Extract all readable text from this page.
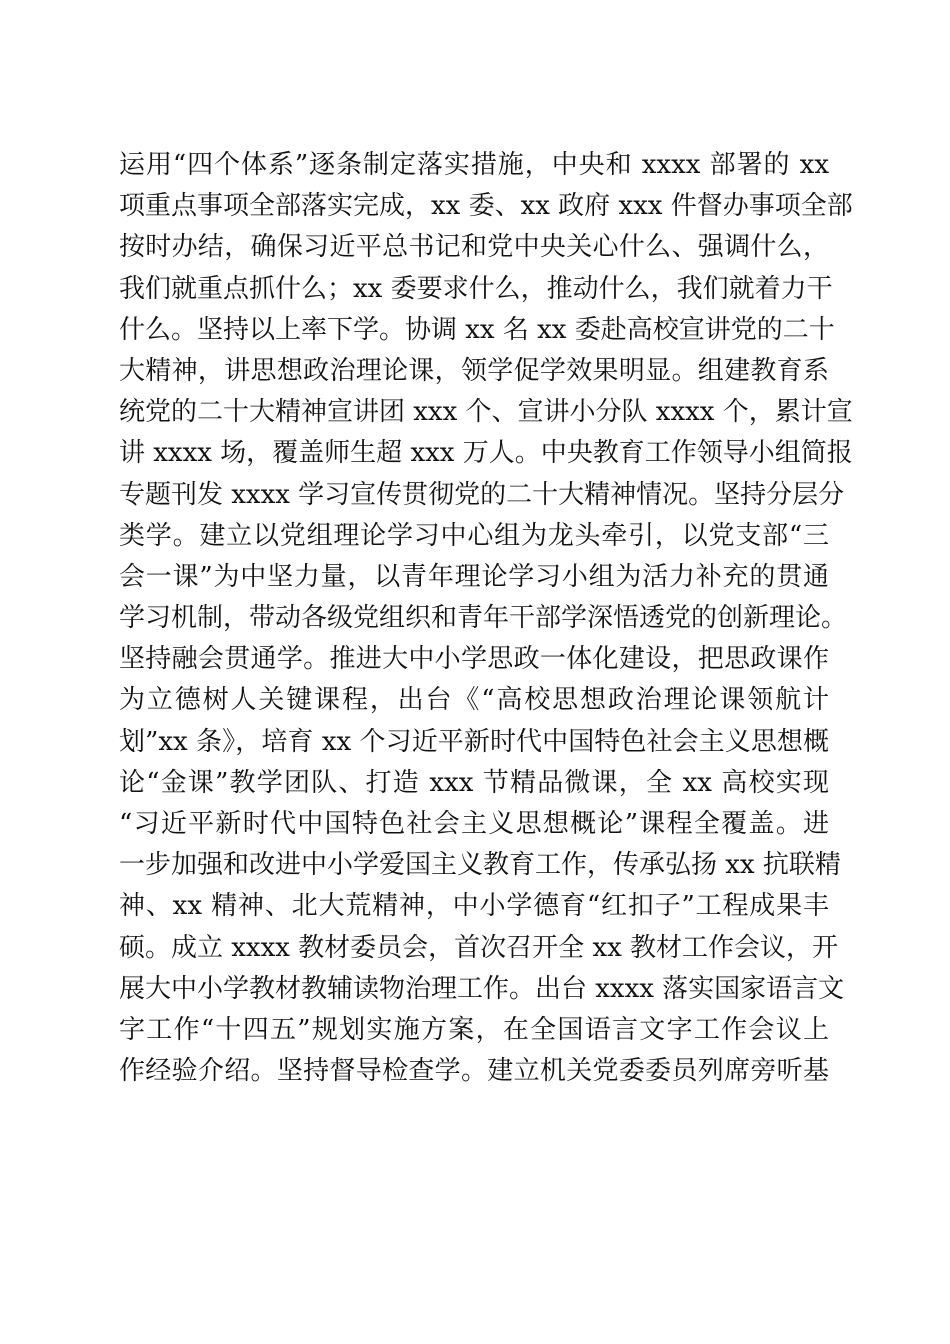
运用“四个体系”逐条制定落实措施，中央和 xxxx 部署的 xx
项重点事项全部落实完成，xx 委、xx 政府 xxx 件督办事项全部
按时办结，确保习近平总书记和党中央关心什么、强调什么，
我们就重点抓什么；xx 委要求什么，推动什么，我们就着力干
什么。坚持以上率下学。协调 xx 名 xx 委赴高校宣讲党的二十
大精神，讲思想政治理论课，领学促学效果明显。组建教育系
统党的二十大精神宣讲团 xxx 个、宣讲小分队 xxxx 个，累计宣
讲 xxxx 场，覆盖师生超 xxx 万人。中央教育工作领导小组简报
专题刊发 xxxx 学习宣传贯彻党的二十大精神情况。坚持分层分
类学。建立以党组理论学习中心组为龙头牵引，以党支部“三
会一课”为中坚力量，以青年理论学习小组为活力补充的贯通
学习机制，带动各级党组织和青年干部学深悟透党的创新理论。
坚持融会贯通学。推进大中小学思政一体化建设，把思政课作
为立德树人关键课程，出台《“高校思想政治理论课领航计
划”xx 条》，培育 xx 个习近平新时代中国特色社会主义思想概
论“金课”教学团队、打造 xxx 节精品微课，全 xx 高校实现
“习近平新时代中国特色社会主义思想概论”课程全覆盖。进
一步加强和改进中小学爱国主义教育工作，传承弘扬 xx 抗联精
神、xx 精神、北大荒精神，中小学德育“红扣子”工程成果丰
硕。成立 xxxx 教材委员会，首次召开全 xx 教材工作会议，开
展大中小学教材教辅读物治理工作。出台 xxxx 落实国家语言文
字工作“十四五”规划实施方案，在全国语言文字工作会议上
作经验介绍。坚持督导检查学。建立机关党委委员列席旁听基
